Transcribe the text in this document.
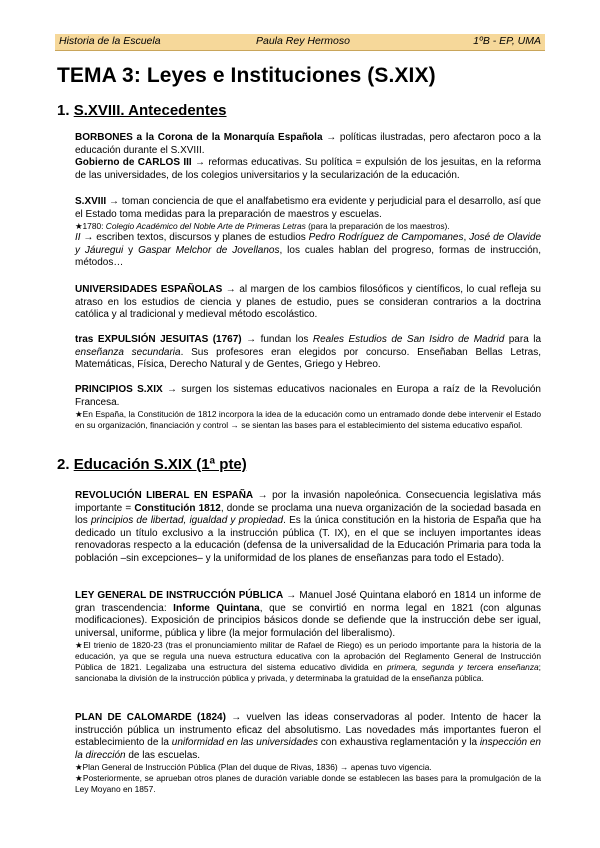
Historia de la Escuela	Paula Rey Hermoso	1ºB - EP, UMA
TEMA 3: Leyes e Instituciones (S.XIX)
1. S.XVIII. Antecedentes

BORBONES a la Corona de la Monarquía Española → políticas ilustradas, pero afectaron poco a la educación durante el S.XVIII.
Gobierno de CARLOS III → reformas educativas. Su política = expulsión de los jesuitas, en la reforma de las universidades, de los colegios universitarios y la secularización de la educación.

S.XVIII → toman conciencia de que el analfabetismo era evidente y perjudicial para el desarrollo, así que el Estado toma medidas para la preparación de maestros y escuelas.

★1780: Colegio Académico del Noble Arte de Primeras Letras (para la preparación de los maestros).

II → escriben textos, discursos y planes de estudios Pedro Rodríguez de Campomanes, José de Olavide y Jáuregui y Gaspar Melchor de Jovellanos, los cuales hablan del progreso, formas de instrucción, métodos…

UNIVERSIDADES ESPAÑOLAS → al margen de los cambios filosóficos y científicos, lo cual refleja su atraso en los estudios de ciencia y planes de estudio, pues se consideran contrarios a la doctrina católica y al tradicional y medieval método escolástico.

tras EXPULSIÓN JESUITAS (1767) → fundan los Reales Estudios de San Isidro de Madrid para la enseñanza secundaria. Sus profesores eran elegidos por concurso. Enseñaban Bellas Letras, Matemáticas, Física, Derecho Natural y de Gentes, Griego y Hebreo.

PRINCIPIOS S.XIX → surgen los sistemas educativos nacionales en Europa a raíz de la Revolución Francesa.

★En España, la Constitución de 1812 incorpora la idea de la educación como un entramado donde debe intervenir el Estado en su organización, financiación y control → se sientan las bases para el establecimiento del sistema educativo español.

2. Educación S.XIX (1ª pte)

REVOLUCIÓN LIBERAL EN ESPAÑA → por la invasión napoleónica. Consecuencia legislativa más importante = Constitución 1812, donde se proclama una nueva organización de la sociedad basada en los principios de libertad, igualdad y propiedad. Es la única constitución en la historia de España que ha dedicado un título exclusivo a la instrucción pública (T. IX), en el que se incluyen importantes ideas renovadoras respecto a la educación (defensa de la universalidad de la Educación Primaria para toda la población –sin excepciones– y la uniformidad de los planes de enseñanzas para todo el Estado).

LEY GENERAL DE INSTRUCCIÓN PÚBLICA → Manuel José Quintana elaboró en 1814 un informe de gran trascendencia: Informe Quintana, que se convirtió en norma legal en 1821 (con algunas modificaciones). Exposición de principios básicos donde se defiende que la instrucción debe ser igual, universal, uniforme, pública y libre (la mejor formulación del liberalismo).

★El trienio de 1820-23 (tras el pronunciamiento militar de Rafael de Riego) es un periodo importante para la historia de la educación, ya que se regula una nueva estructura educativa con la aprobación del Reglamento General de Instrucción Pública de 1821. Legalizaba una estructura del sistema educativo dividida en primera, segunda y tercera enseñanza; sancionaba la división de la instrucción pública y privada, y determinaba la gratuidad de la enseñanza pública.

PLAN DE CALOMARDE (1824) → vuelven las ideas conservadoras al poder. Intento de hacer la instrucción pública un instrumento eficaz del absolutismo. Las novedades más importantes fueron el establecimiento de la uniformidad en las universidades con exhaustiva reglamentación y la inspección en la dirección de las escuelas.

★Plan General de Instrucción Pública (Plan del duque de Rivas, 1836) → apenas tuvo vigencia.

★Posteriormente, se aprueban otros planes de duración variable donde se establecen las bases para la promulgación de la Ley Moyano en 1857.
